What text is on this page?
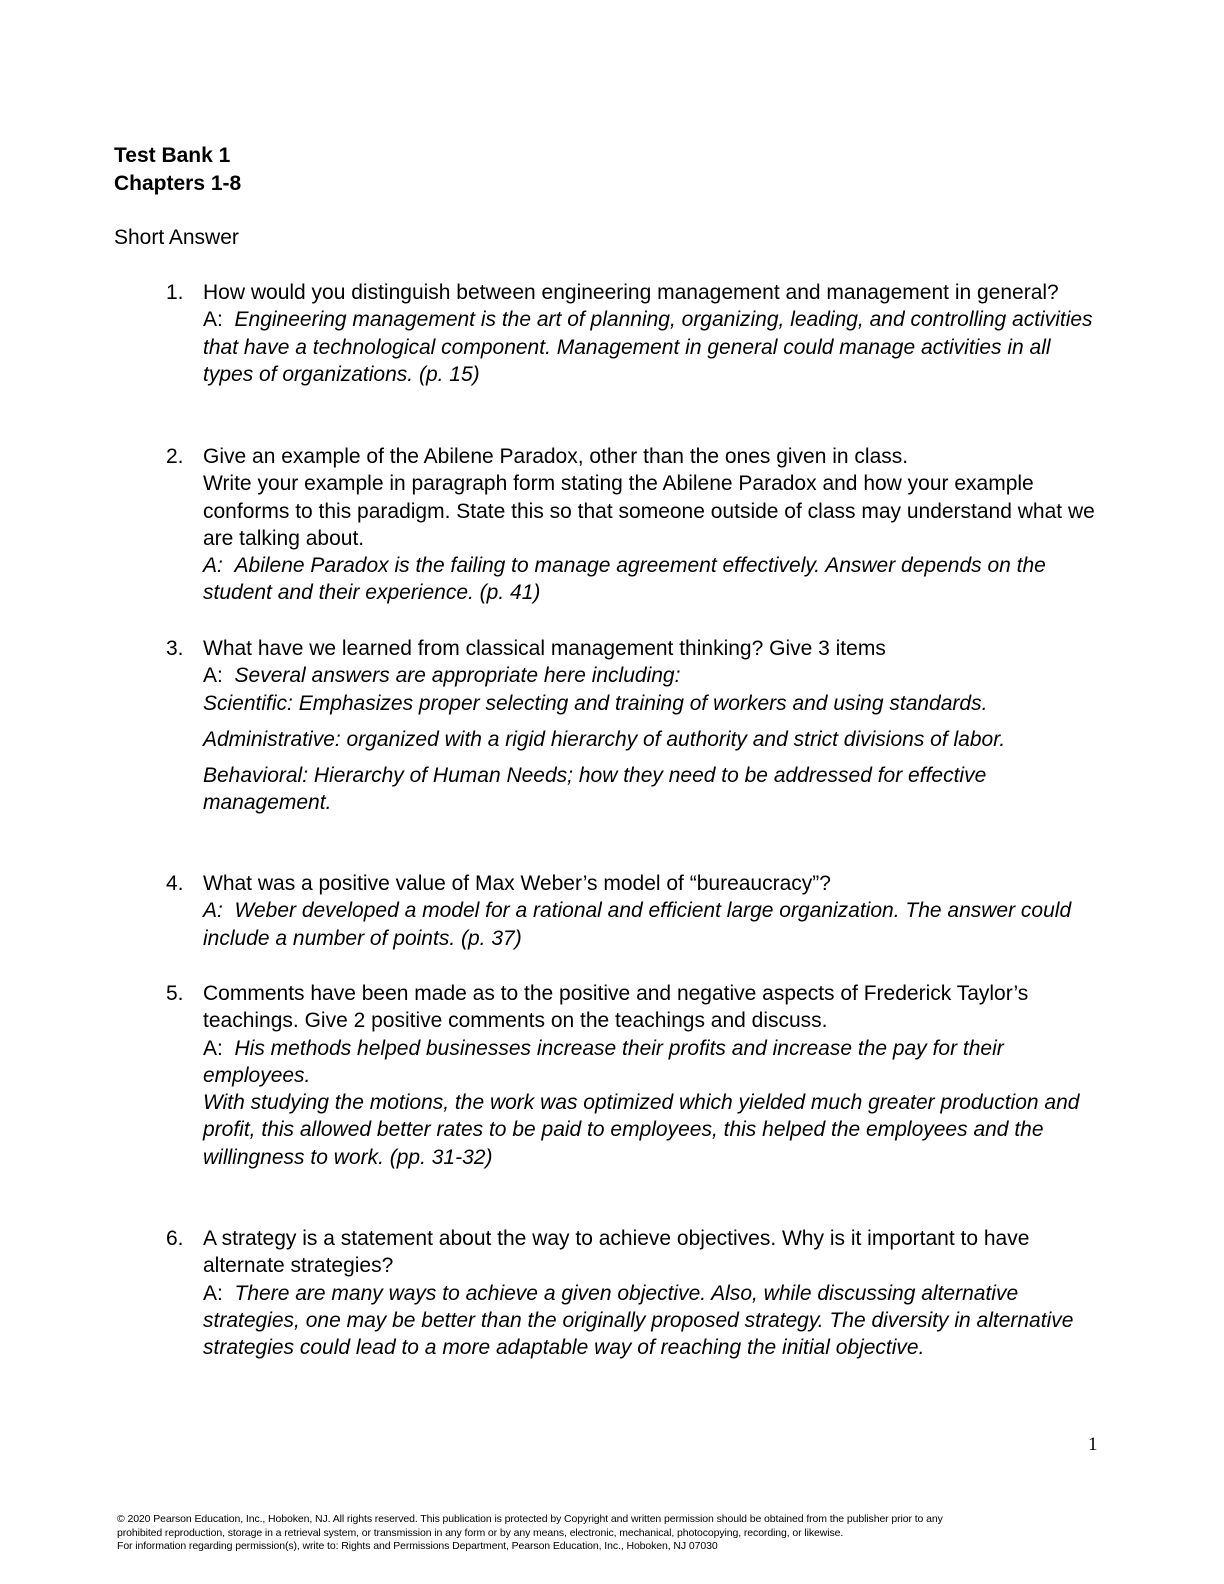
Test Bank 1
Chapters 1-8
Short Answer
1. How would you distinguish between engineering management and management in general?
A: Engineering management is the art of planning, organizing, leading, and controlling activities that have a technological component. Management in general could manage activities in all types of organizations. (p. 15)
2. Give an example of the Abilene Paradox, other than the ones given in class.
Write your example in paragraph form stating the Abilene Paradox and how your example conforms to this paradigm. State this so that someone outside of class may understand what we are talking about.
A: Abilene Paradox is the failing to manage agreement effectively. Answer depends on the student and their experience. (p. 41)
3. What have we learned from classical management thinking? Give 3 items
A: Several answers are appropriate here including:
Scientific: Emphasizes proper selecting and training of workers and using standards.
Administrative: organized with a rigid hierarchy of authority and strict divisions of labor.
Behavioral: Hierarchy of Human Needs; how they need to be addressed for effective management.
4. What was a positive value of Max Weber’s model of “bureaucracy”?
A: Weber developed a model for a rational and efficient large organization. The answer could include a number of points. (p. 37)
5. Comments have been made as to the positive and negative aspects of Frederick Taylor’s teachings. Give 2 positive comments on the teachings and discuss.
A: His methods helped businesses increase their profits and increase the pay for their employees.
With studying the motions, the work was optimized which yielded much greater production and profit, this allowed better rates to be paid to employees, this helped the employees and the willingness to work. (pp. 31-32)
6. A strategy is a statement about the way to achieve objectives. Why is it important to have alternate strategies?
A: There are many ways to achieve a given objective. Also, while discussing alternative strategies, one may be better than the originally proposed strategy. The diversity in alternative strategies could lead to a more adaptable way of reaching the initial objective.
1
© 2020 Pearson Education, Inc., Hoboken, NJ. All rights reserved. This publication is protected by Copyright and written permission should be obtained from the publisher prior to any
prohibited reproduction, storage in a retrieval system, or transmission in any form or by any means, electronic, mechanical, photocopying, recording, or likewise.
For information regarding permission(s), write to: Rights and Permissions Department, Pearson Education, Inc., Hoboken, NJ 07030
